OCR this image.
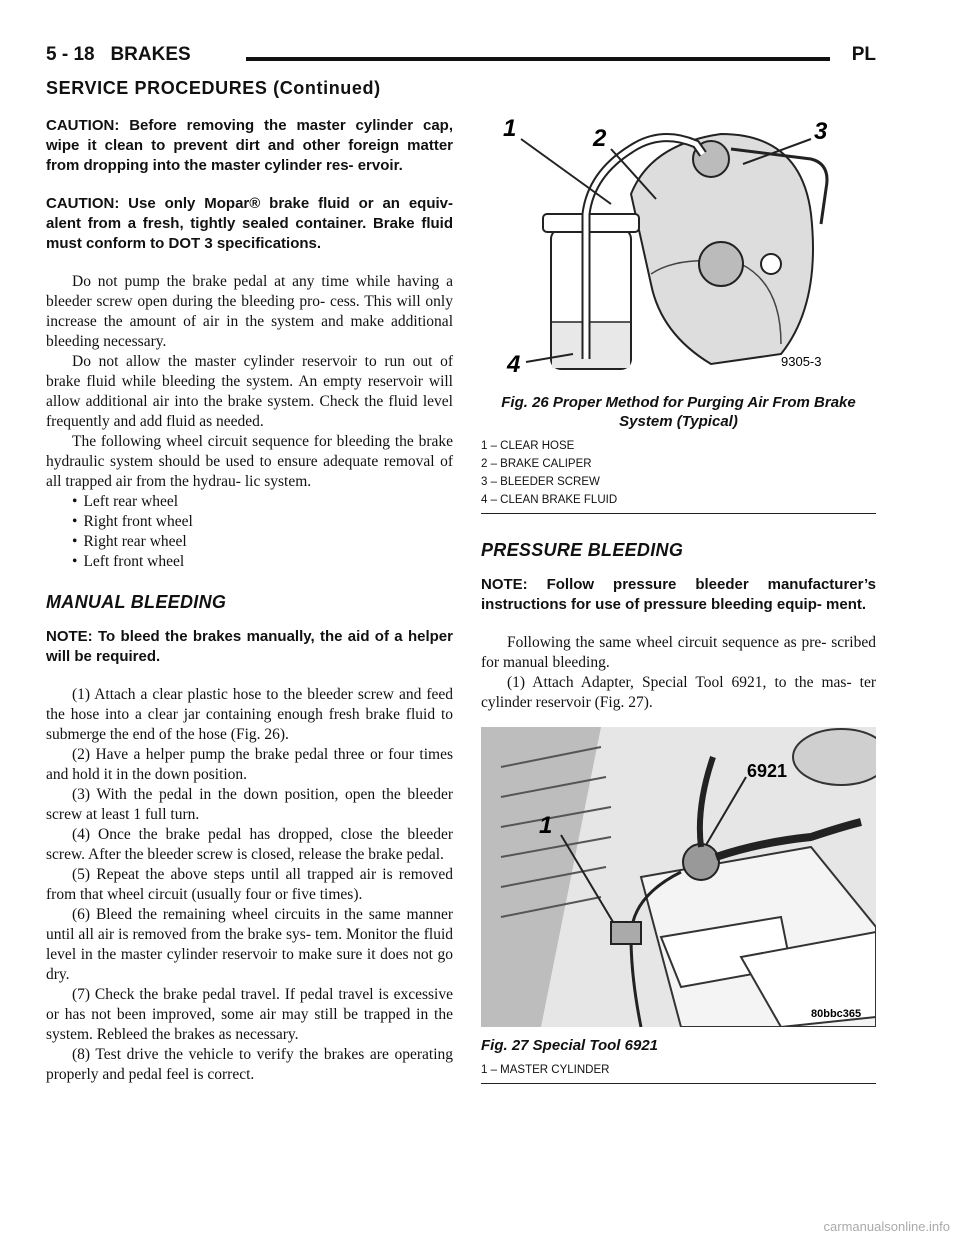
5 - 18 BRAKES	PL
SERVICE PROCEDURES (Continued)

CAUTION: Before removing the master cylinder cap, wipe it clean to prevent dirt and other foreign matter from dropping into the master cylinder res- ervoir.

CAUTION: Use only Mopar® brake fluid or an equiv- alent from a fresh, tightly sealed container. Brake fluid must conform to DOT 3 specifications.

Do not pump the brake pedal at any time while having a bleeder screw open during the bleeding pro- cess. This will only increase the amount of air in the system and make additional bleeding necessary.

Do not allow the master cylinder reservoir to run out of brake fluid while bleeding the system. An empty reservoir will allow additional air into the brake system. Check the fluid level frequently and add fluid as needed.

The following wheel circuit sequence for bleeding the brake hydraulic system should be used to ensure adequate removal of all trapped air from the hydrau- lic system.

• Left rear wheel
• Right front wheel
• Right rear wheel
• Left front wheel
MANUAL BLEEDING

NOTE: To bleed the brakes manually, the aid of a helper will be required.

(1) Attach a clear plastic hose to the bleeder screw and feed the hose into a clear jar containing enough fresh brake fluid to submerge the end of the hose (Fig. 26).

(2) Have a helper pump the brake pedal three or four times and hold it in the down position.

(3) With the pedal in the down position, open the bleeder screw at least 1 full turn.

(4) Once the brake pedal has dropped, close the bleeder screw. After the bleeder screw is closed, release the brake pedal.

(5) Repeat the above steps until all trapped air is removed from that wheel circuit (usually four or five times).

(6) Bleed the remaining wheel circuits in the same manner until all air is removed from the brake sys- tem. Monitor the fluid level in the master cylinder reservoir to make sure it does not go dry.

(7) Check the brake pedal travel. If pedal travel is excessive or has not been improved, some air may still be trapped in the system. Rebleed the brakes as necessary.

(8) Test drive the vehicle to verify the brakes are operating properly and pedal feel is correct.

1	2	3
4	9305-3
Fig. 26 Proper Method for Purging Air From Brake System (Typical)
1 – CLEAR HOSE
2 – BRAKE CALIPER
3 – BLEEDER SCREW
4 – CLEAN BRAKE FLUID
PRESSURE BLEEDING

NOTE: Follow pressure bleeder manufacturer’s instructions for use of pressure bleeding equip- ment.

Following the same wheel circuit sequence as pre- scribed for manual bleeding.

(1) Attach Adapter, Special Tool 6921, to the mas- ter cylinder reservoir (Fig. 27).

6921
1
80bbc365
Fig. 27 Special Tool 6921
1 – MASTER CYLINDER
carmanualsonline.info
